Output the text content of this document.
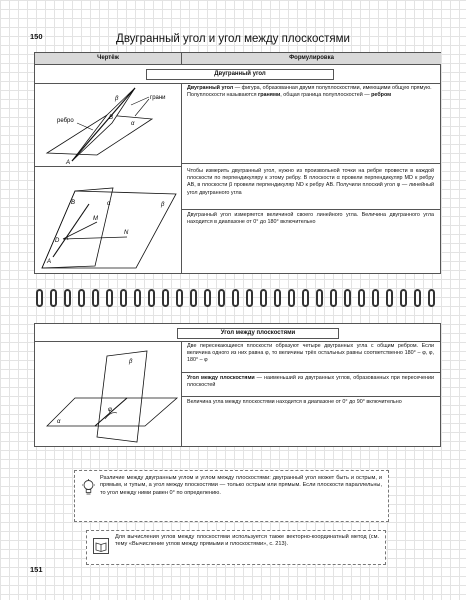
150	Двугранный угол и угол между плоскостями
151
Чертёж	Формулировка
Двугранный угол
грани
ребро
β
α
A
B
B	α	β
M
N
D
A
Двугранный угол — фигура, образованная двумя полуплоскостями, имеющими общую прямую.
Полуплоскости называются гранями, общая граница полуплоскостей — ребром
Чтобы измерить двугранный угол, нужно из произвольной точки на ребре провести в каждой плоскости по перпендикуляру к этому ребру. В плоскости α провели перпендикуляр MD к ребру AB, в плоскости β провели перпендикуляр ND к ребру AB. Получили плоский угол φ — линейный угол двугранного угла
Двугранный угол измеряется величиной своего линейного угла. Величина двугранного угла находится в диапазоне от 0° до 180° включительно
Угол между плоскостями
β
α
φ
Две пересекающиеся плоскости образуют четыре двугранных угла с общим ребром. Если величина одного из них равна φ, то величины трёх остальных равны соответственно 180° – φ, φ, 180° – φ
Угол между плоскостями — наименьший из двугранных углов, образованных при пересечении плоскостей
Величина угла между плоскостями находится в диапазоне от 0° до 90° включительно
Различие между двугранным углом и углом между плоскостями: двугранный угол может быть и острым, и прямым, и тупым, а угол между плоскостями — только острым или прямым. Если плоскости параллельны, то угол между ними равен 0° по определению.
Для вычисления углов между плоскостями используется также векторно-координатный метод (см. тему «Вычисление углов между прямыми и плоскостями», с. 213).
